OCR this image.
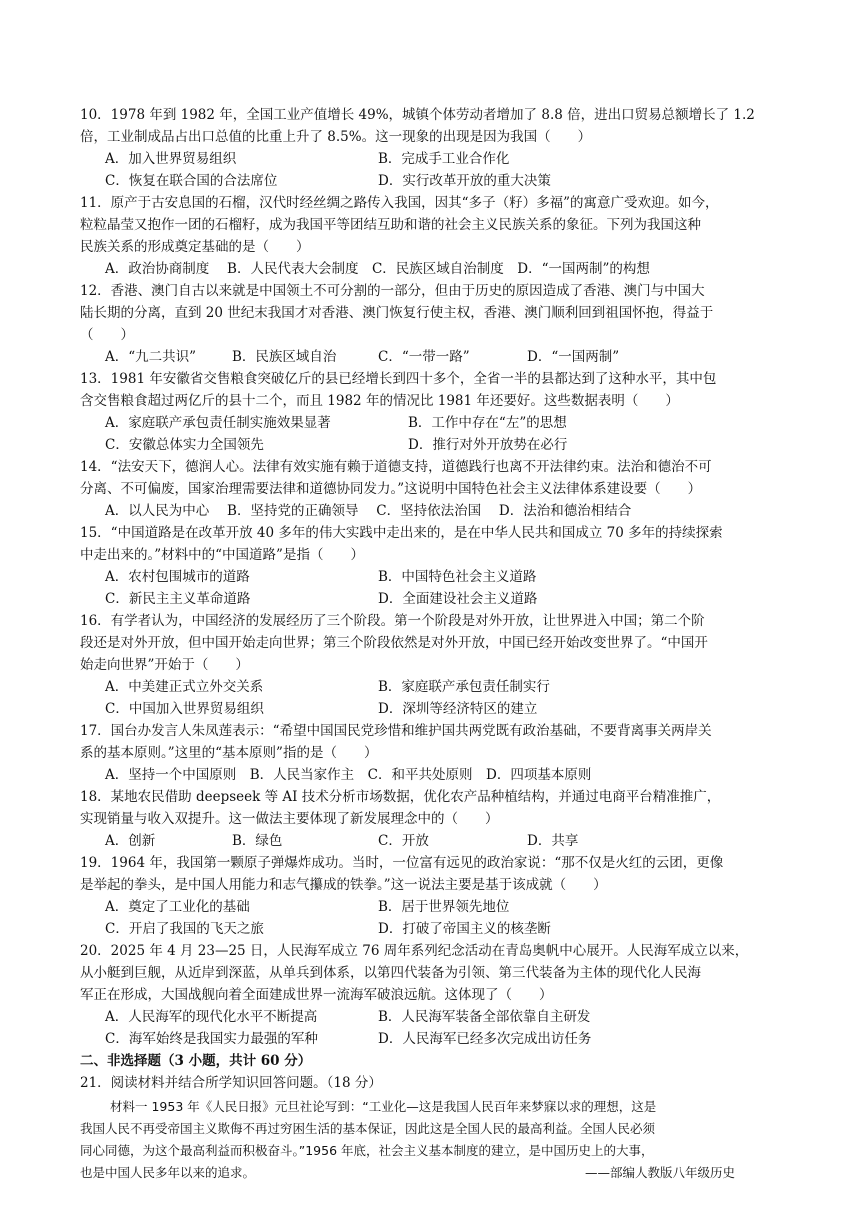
10．1978 年到 1982 年，全国工业产值增长 49%，城镇个体劳动者增加了 8.8 倍，进出口贸易总额增长了 1.2
倍，工业制成品占出口总值的比重上升了 8.5%。这一现象的出现是因为我国（　　）
A．加入世界贸易组织	B．完成手工业合作化
C．恢复在联合国的合法席位	D．实行改革开放的重大决策
11．原产于古安息国的石榴，汉代时经丝绸之路传入我国，因其“多子（籽）多福”的寓意广受欢迎。如今，
粒粒晶莹又抱作一团的石榴籽，成为我国平等团结互助和谐的社会主义民族关系的象征。下列为我国这种
民族关系的形成奠定基础的是（　　）
A．政治协商制度　 B．人民代表大会制度　C．民族区域自治制度　D．“一国两制”的构想
12．香港、澳门自古以来就是中国领土不可分割的一部分，但由于历史的原因造成了香港、澳门与中国大
陆长期的分离，直到 20 世纪末我国才对香港、澳门恢复行使主权，香港、澳门顺利回到祖国怀抱，得益于
（　　）
A．“九二共识”	B．民族区域自治	C．“一带一路”	D．“一国两制”
13．1981 年安徽省交售粮食突破亿斤的县已经增长到四十多个，全省一半的县都达到了这种水平，其中包
含交售粮食超过两亿斤的县十二个，而且 1982 年的情况比 1981 年还要好。这些数据表明（　　）
A．家庭联产承包责任制实施效果显著	B．工作中存在“左”的思想
C．安徽总体实力全国领先	D．推行对外开放势在必行
14．“法安天下，德润人心。法律有效实施有赖于道德支持，道德践行也离不开法律约束。法治和德治不可
分离、不可偏废，国家治理需要法律和道德协同发力。”这说明中国特色社会主义法律体系建设要（　　）
A．以人民为中心　 B．坚持党的正确领导　 C．坚持依法治国　 D．法治和德治相结合
15．“中国道路是在改革开放 40 多年的伟大实践中走出来的，是在中华人民共和国成立 70 多年的持续探索
中走出来的。”材料中的“中国道路”是指（　　）
A．农村包围城市的道路	B．中国特色社会主义道路
C．新民主主义革命道路	D．全面建设社会主义道路
16．有学者认为，中国经济的发展经历了三个阶段。第一个阶段是对外开放，让世界进入中国；第二个阶
段还是对外开放，但中国开始走向世界；第三个阶段依然是对外开放，中国已经开始改变世界了。“中国开
始走向世界”开始于（　　）
A．中美建正式立外交关系	B．家庭联产承包责任制实行
C．中国加入世界贸易组织	D．深圳等经济特区的建立
17．国台办发言人朱凤莲表示：“希望中国国民党珍惜和维护国共两党既有政治基础，不要背离事关两岸关
系的基本原则。”这里的“基本原则”指的是（　　）
A．坚持一个中国原则　B．人民当家作主　C．和平共处原则　D．四项基本原则
18．某地农民借助 deepseek 等 AI 技术分析市场数据，优化农产品种植结构，并通过电商平台精准推广，
实现销量与收入双提升。这一做法主要体现了新发展理念中的（　　）
A．创新	B．绿色	C．开放	D．共享
19．1964 年，我国第一颗原子弹爆炸成功。当时，一位富有远见的政治家说：“那不仅是火红的云团，更像
是举起的拳头，是中国人用能力和志气攥成的铁拳。”这一说法主要是基于该成就（　　）
A．奠定了工业化的基础	B．居于世界领先地位
C．开启了我国的飞天之旅	D．打破了帝国主义的核垄断
20．2025 年 4 月 23—25 日，人民海军成立 76 周年系列纪念活动在青岛奥帆中心展开。人民海军成立以来，
从小艇到巨舰，从近岸到深蓝，从单兵到体系，以第四代装备为引领、第三代装备为主体的现代化人民海
军正在形成，大国战舰向着全面建成世界一流海军破浪远航。这体现了（　　）
A．人民海军的现代化水平不断提高	B．人民海军装备全部依靠自主研发
C．海军始终是我国实力最强的军种	D．人民海军已经多次完成出访任务
二、非选择题（3 小题，共计 60 分）
21．阅读材料并结合所学知识回答问题。（18 分）
材料一 1953 年《人民日报》元旦社论写到：“工业化—这是我国人民百年来梦寐以求的理想，这是
我国人民不再受帝国主义欺侮不再过穷困生活的基本保证，因此这是全国人民的最高利益。全国人民必须
同心同德，为这个最高利益而积极奋斗。”1956 年底，社会主义基本制度的建立，是中国历史上的大事，
也是中国人民多年以来的追求。	——部编人教版八年级历史
